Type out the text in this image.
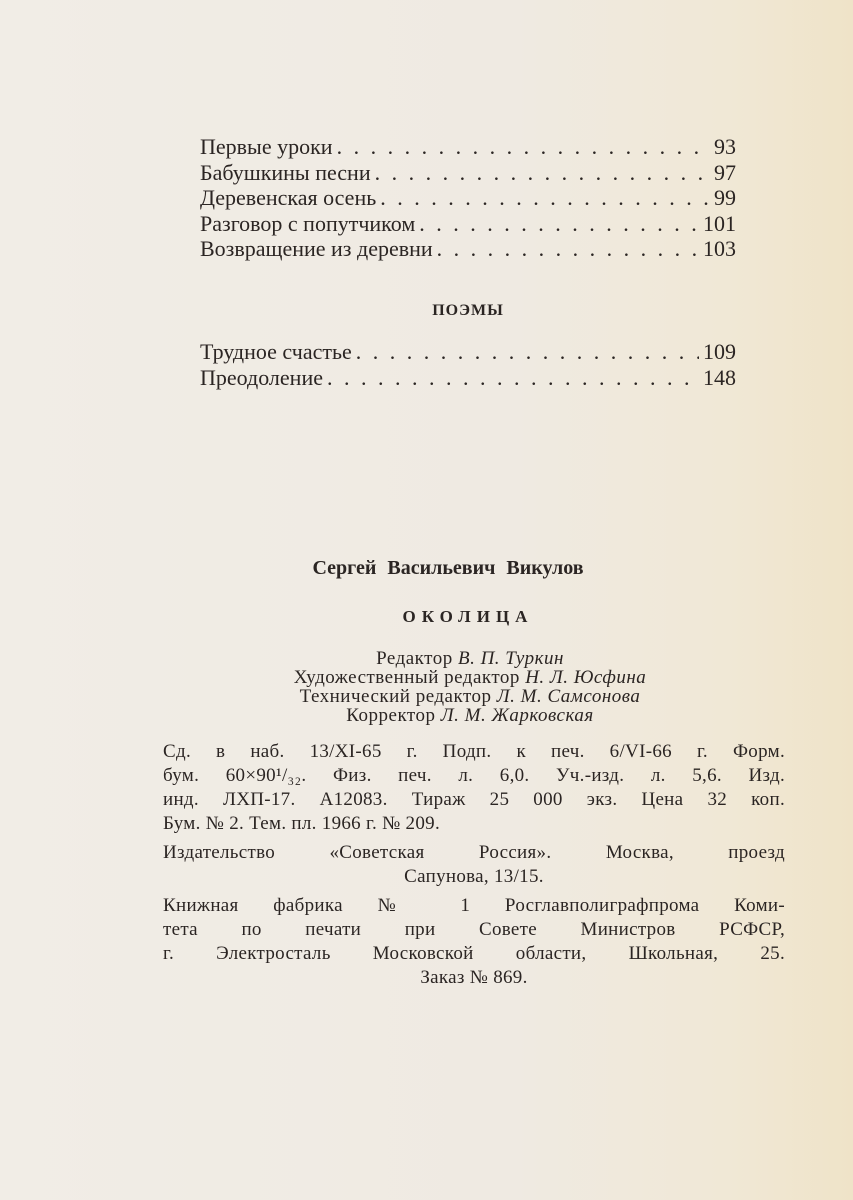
Первые уроки . . .	93
Бабушкины песни . . .	97
Деревенская осень . . .	99
Разговор с попутчиком . . .	101
Возвращение из деревни . . .	103
ПОЭМЫ
Трудное счастье . . .	109
Преодоление . . .	148
Сергей Васильевич Викулов
ОКОЛИЦА
Редактор В. П. Туркин
Художественный редактор Н. Л. Юсфина
Технический редактор Л. М. Самсонова
Корректор Л. М. Жарковская
Сд. в наб. 13/XI-65 г. Подп. к печ. 6/VI-66 г. Форм.
бум. 60×90¹/₃₂. Физ. печ. л. 6,0. Уч.-изд. л. 5,6. Изд.
инд. ЛХП-17. А12083. Тираж 25 000 экз. Цена 32 коп.
Бум. № 2. Тем. пл. 1966 г. № 209.
Издательство «Советская Россия». Москва, проезд
Сапунова, 13/15.
Книжная фабрика № 1 Росглавполиграфпрома Коми-
тета по печати при Совете Министров РСФСР,
г. Электросталь Московской области, Школьная, 25.
Заказ № 869.
